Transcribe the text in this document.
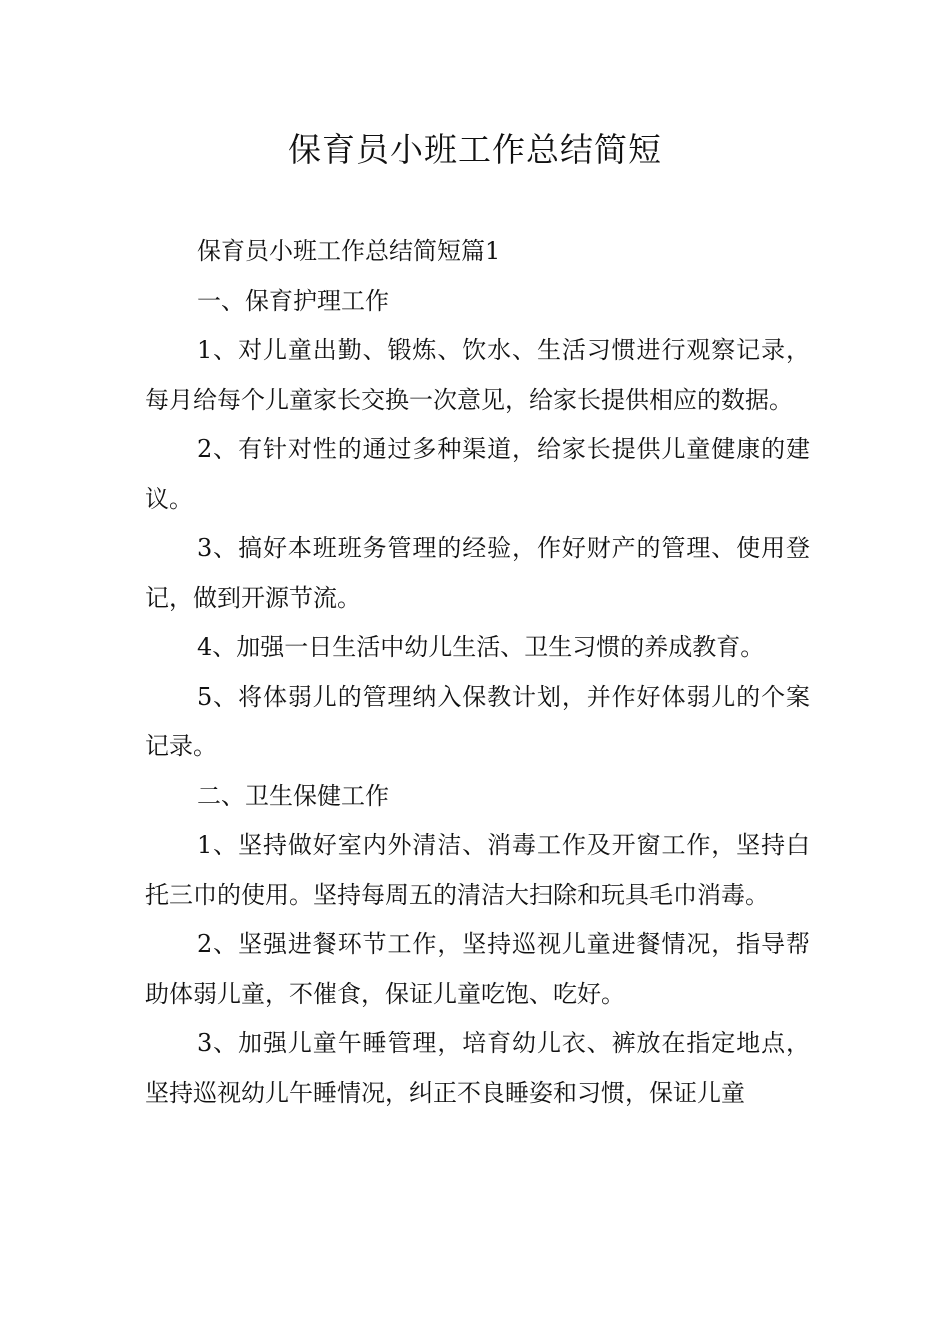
保育员小班工作总结简短

保育员小班工作总结简短篇1

一、保育护理工作

1、对儿童出勤、锻炼、饮水、生活习惯进行观察记录，每月给每个儿童家长交换一次意见，给家长提供相应的数据。

2、有针对性的通过多种渠道，给家长提供儿童健康的建议。

3、搞好本班班务管理的经验，作好财产的管理、使用登记，做到开源节流。

4、加强一日生活中幼儿生活、卫生习惯的养成教育。

5、将体弱儿的管理纳入保教计划，并作好体弱儿的个案记录。

二、卫生保健工作

1、坚持做好室内外清洁、消毒工作及开窗工作，坚持白托三巾的使用。坚持每周五的清洁大扫除和玩具毛巾消毒。

2、坚强进餐环节工作，坚持巡视儿童进餐情况，指导帮助体弱儿童，不催食，保证儿童吃饱、吃好。

3、加强儿童午睡管理，培育幼儿衣、裤放在指定地点，坚持巡视幼儿午睡情况，纠正不良睡姿和习惯，保证儿童
